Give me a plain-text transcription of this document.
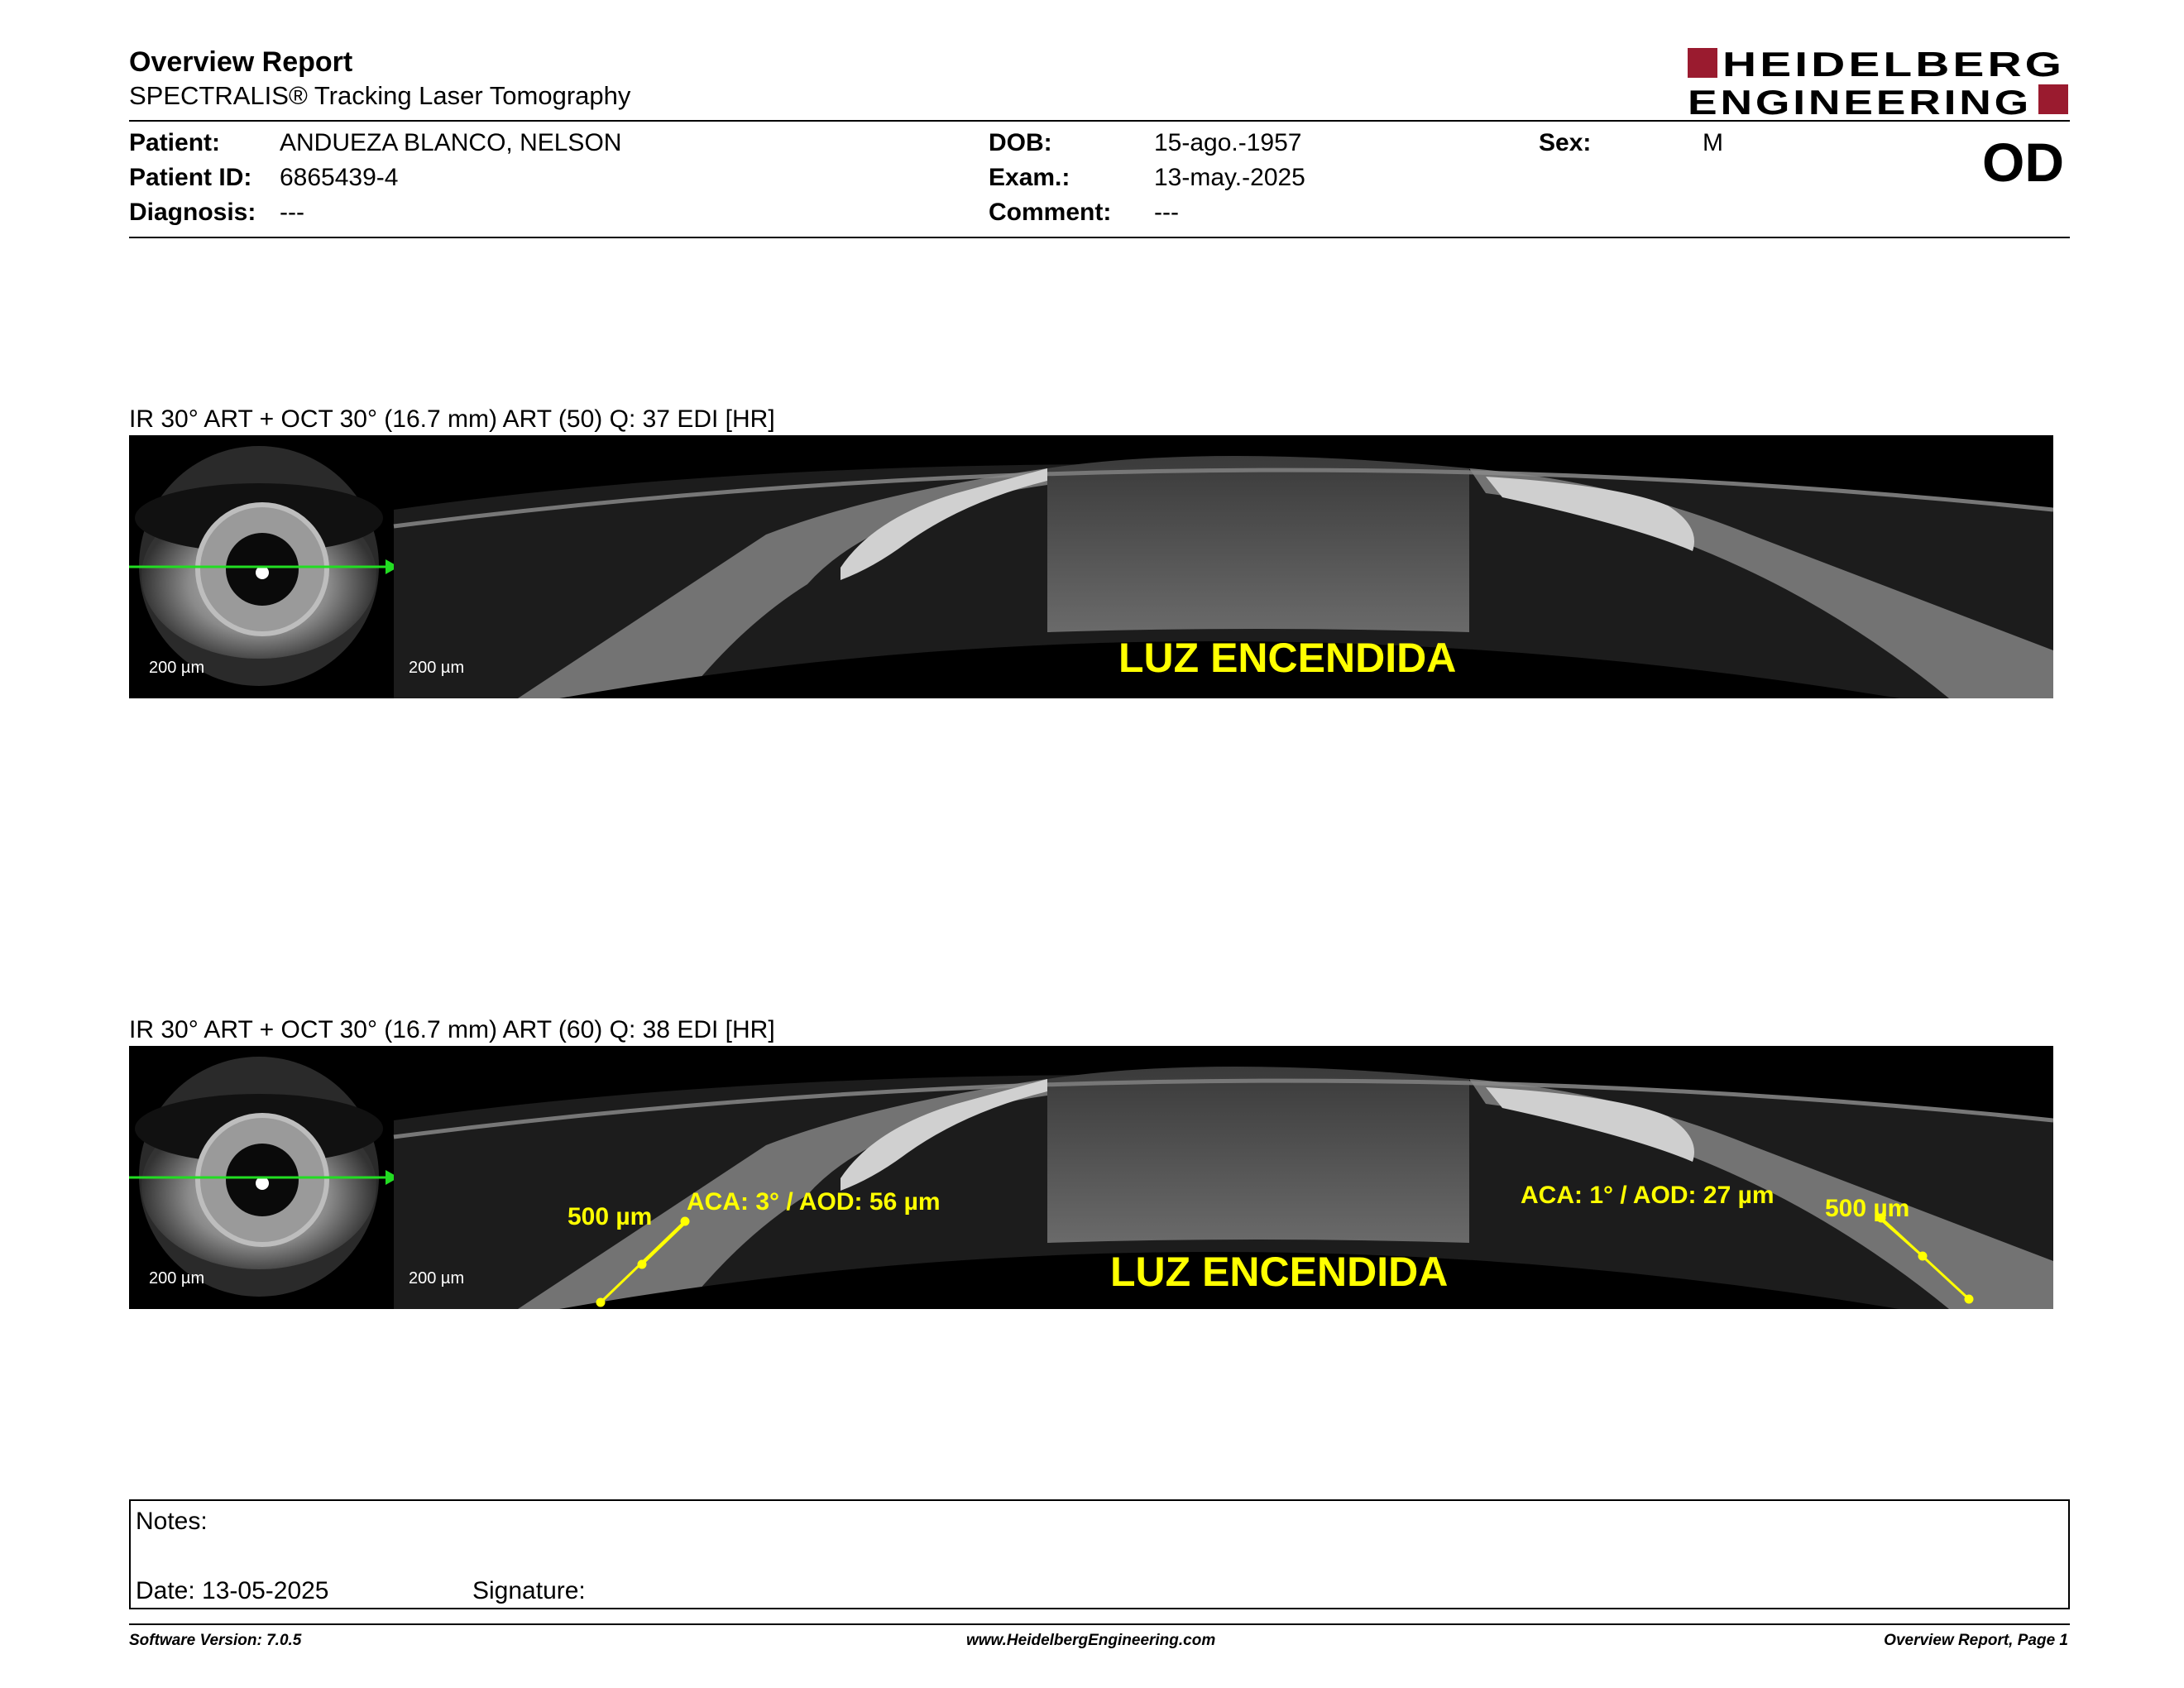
Overview Report
SPECTRALIS® Tracking Laser Tomography
HEIDELBERG
ENGINEERING
Patient: ANDUEZA BLANCO, NELSON
Patient ID: 6865439-4
Diagnosis: ---
DOB:	15-ago.-1957
Exam.:	13-may.-2025
Comment: ---
Sex:	M	OD
IR 30° ART + OCT 30° (16.7 mm) ART (50) Q: 37 EDI [HR]
200 µm	200 µm	LUZ ENCENDIDA
IR 30° ART + OCT 30° (16.7 mm) ART (60) Q: 38 EDI [HR]
200 µm	200 µm	LUZ ENCENDIDA
500 µm
ACA: 3° / AOD: 56 µm	ACA: 1° / AOD: 27 µm 500 µm
Notes:
Date: 13-05-2025	Signature:
Software Version: 7.0.5	www.HeidelbergEngineering.com	Overview Report, Page 1
